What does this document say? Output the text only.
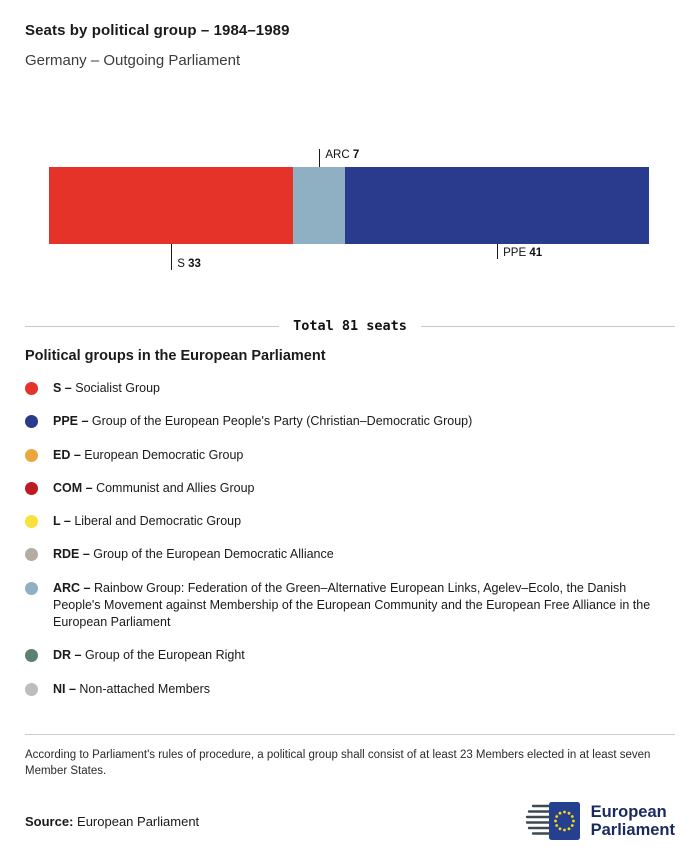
Seats by political group – 1984–1989
Germany – Outgoing Parliament
ARC 7
S 33
PPE 41
Total 81 seats
Political groups in the European Parliament
S – Socialist Group
PPE – Group of the European People's Party (Christian–Democratic Group)
ED – European Democratic Group
COM – Communist and Allies Group
L – Liberal and Democratic Group
RDE – Group of the European Democratic Alliance
ARC – Rainbow Group: Federation of the Green–Alternative European Links, Agelev–Ecolo, the Danish People's Movement against Membership of the European Community and the European Free Alliance in the European Parliament
DR – Group of the European Right
NI – Non-attached Members
According to Parliament's rules of procedure, a political group shall consist of at least 23 Members elected in at least seven Member States.
Source: European Parliament
European
Parliament
